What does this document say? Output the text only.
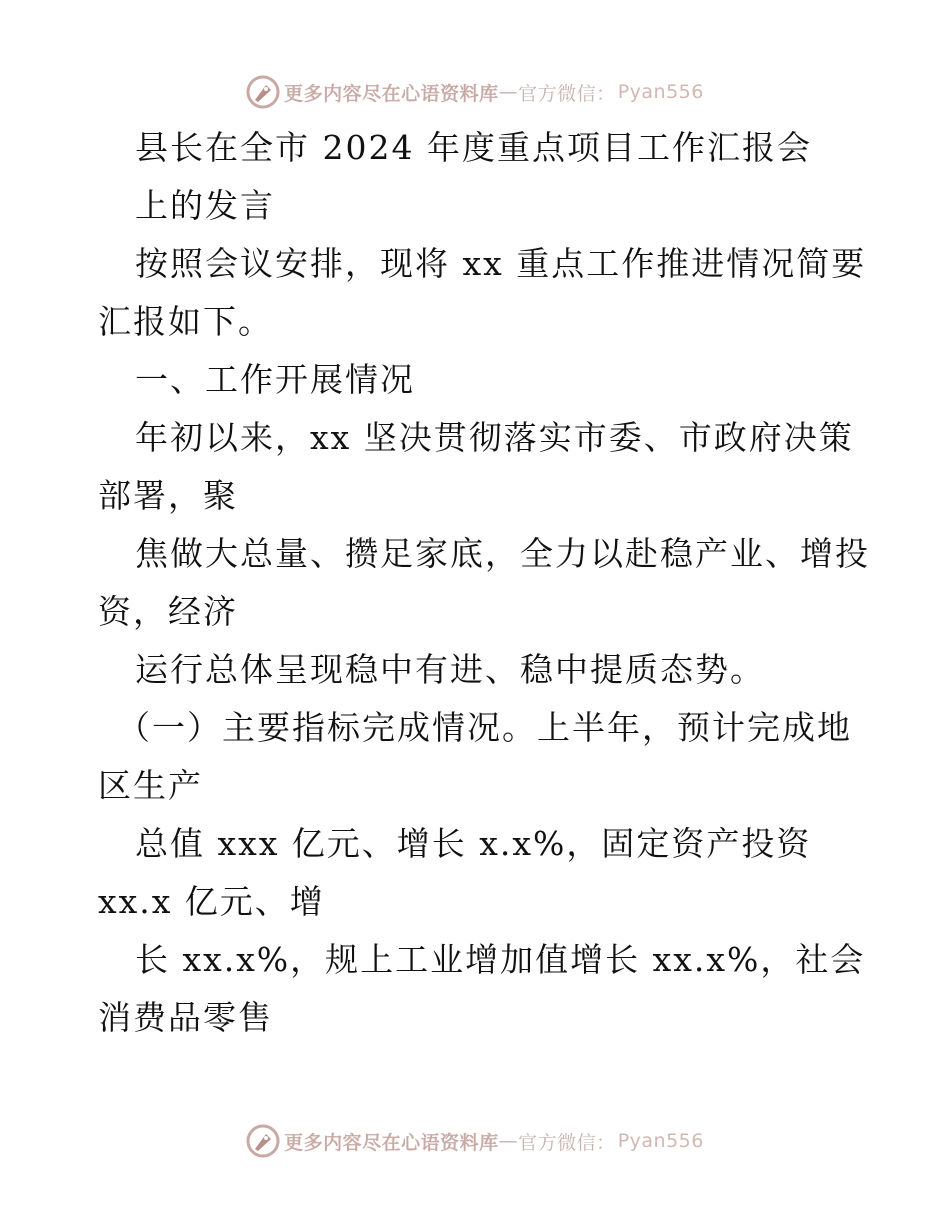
更多内容尽在心语资料库 — 官方微信： Pyan556
县长在全市 2024 年度重点项目工作汇报会
上的发言
按照会议安排，现将 xx 重点工作推进情况简要
汇报如下。
一、工作开展情况
年初以来，xx 坚决贯彻落实市委、市政府决策
部署，聚
焦做大总量、攒足家底，全力以赴稳产业、增投
资，经济
运行总体呈现稳中有进、稳中提质态势。
（一）主要指标完成情况。上半年，预计完成地
区生产
总值 xxx 亿元、增长 x.x%，固定资产投资
xx.x 亿元、增
长 xx.x%，规上工业增加值增长 xx.x%，社会
消费品零售
更多内容尽在心语资料库 — 官方微信： Pyan556
